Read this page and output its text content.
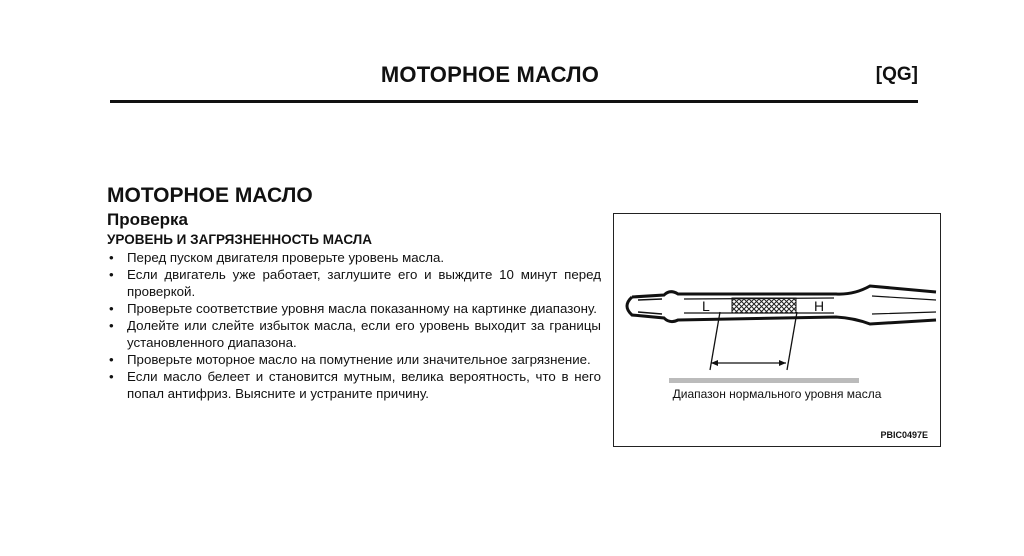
МОТОРНОЕ МАСЛО	[QG]
МОТОРНОЕ МАСЛО
Проверка
УРОВЕНЬ И ЗАГРЯЗНЕННОСТЬ МАСЛА
• Перед пуском двигателя проверьте уровень масла.
• Если двигатель уже работает, заглушите его и выждите 10 минут перед проверкой.
• Проверьте соответствие уровня масла показанному на картинке диапазону.
• Долейте или слейте избыток масла, если его уровень выходит за границы установленного диапазона.
• Проверьте моторное масло на помутнение или значительное загрязнение.
• Если масло белеет и становится мутным, велика вероятность, что в него попал антифриз. Выясните и устраните причину.
L	H
Диапазон нормального уровня масла
PBIC0497E
